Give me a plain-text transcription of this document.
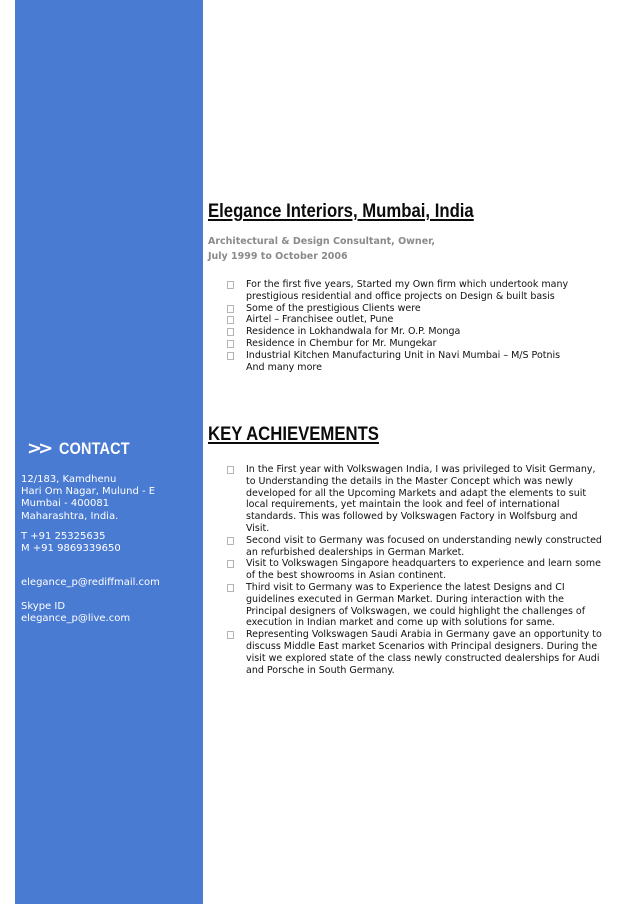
>> CONTACT
12/183, Kamdhenu
Hari Om Nagar, Mulund - E
Mumbai - 400081
Maharashtra, India.
T +91 25325635
M +91 9869339650
elegance_p@rediffmail.com
Skype ID
elegance_p@live.com
Elegance Interiors, Mumbai, India
Architectural & Design Consultant, Owner,
July 1999 to October 2006
For the first five years, Started my Own firm which undertook many prestigious residential and office projects on Design & built basis
Some of the prestigious Clients were
Airtel – Franchisee outlet, Pune
Residence in Lokhandwala for Mr. O.P. Monga
Residence in Chembur for Mr. Mungekar
Industrial Kitchen Manufacturing Unit in Navi Mumbai – M/S Potnis
And many more
KEY ACHIEVEMENTS
In the First year with Volkswagen India, I was privileged to Visit Germany, to Understanding the details in the Master Concept which was newly developed for all the Upcoming Markets and adapt the elements to suit local requirements, yet maintain the look and feel of international standards. This was followed by Volkswagen Factory in Wolfsburg and Visit.
Second visit to Germany was focused on understanding newly constructed an refurbished dealerships in German Market.
Visit to Volkswagen Singapore headquarters to experience and learn some of the best showrooms in Asian continent.
Third visit to Germany was to Experience the latest Designs and CI guidelines executed in German Market. During interaction with the Principal designers of Volkswagen, we could highlight the challenges of execution in Indian market and come up with solutions for same.
Representing Volkswagen Saudi Arabia in Germany gave an opportunity to discuss Middle East market Scenarios with Principal designers. During the visit we explored state of the class newly constructed dealerships for Audi and Porsche in South Germany.
